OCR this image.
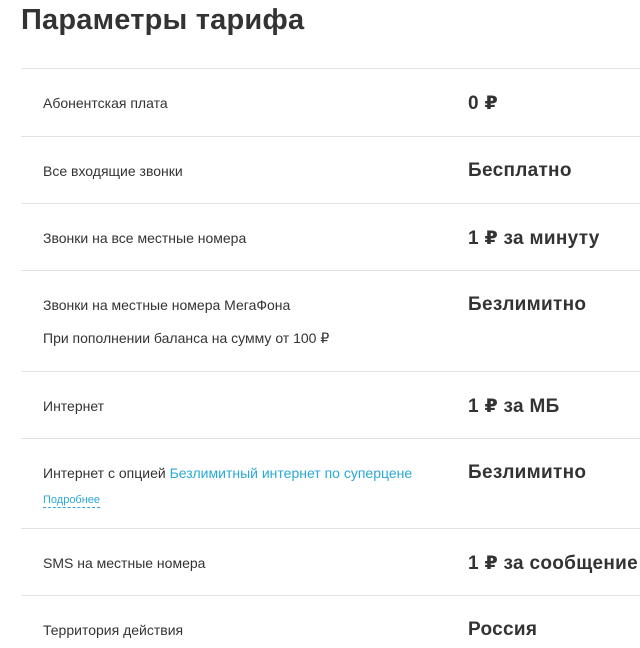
Параметры тарифа
Абонентская плата	0 ₽
Все входящие звонки	Бесплатно
Звонки на все местные номера	1 ₽ за минуту
Звонки на местные номера МегаФона	Безлимитно
При пополнении баланса на сумму от 100 ₽
Интернет	1 ₽ за МБ
Интернет с опцией Безлимитный интернет по суперцене	Безлимитно
Подробнее
SMS на местные номера	1 ₽ за сообщение
Территория действия	Россия
